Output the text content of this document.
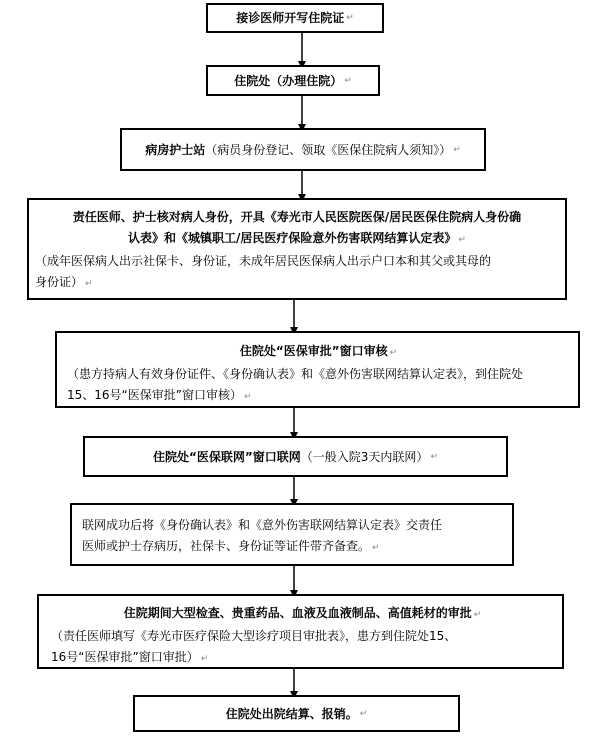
接诊医师开写住院证 ↵
住院处（办理住院） ↵
病房护士站 （病员身份登记、领取《医保住院病人须知》） ↵

责任医师、护士核对病人身份，开具《寿光市人民医院医保/居民医保住院病人身份确

认表》和《城镇职工/居民医疗保险意外伤害联网结算认定表》 ↵

（成年医保病人出示社保卡、身份证，未成年居民医保病人出示户口本和其父或其母的

身份证） ↵

住院处“医保审批”窗口审核 ↵

（患方持病人有效身份证件、《身份确认表》和《意外伤害联网结算认定表》，到住院处

15、16号“医保审批”窗口审核） ↵

住院处“医保联网”窗口联网 （一般入院3天内联网） ↵

联网成功后将《身份确认表》和《意外伤害联网结算认定表》交责任

医师或护士存病历，社保卡、身份证等证件带齐备查。 ↵

住院期间大型检查、贵重药品、血液及血液制品、高值耗材的审批 ↵

（责任医师填写《寿光市医疗保险大型诊疗项目审批表》，患方到住院处15、

16号“医保审批”窗口审批） ↵

住院处出院结算、报销。 ↵
